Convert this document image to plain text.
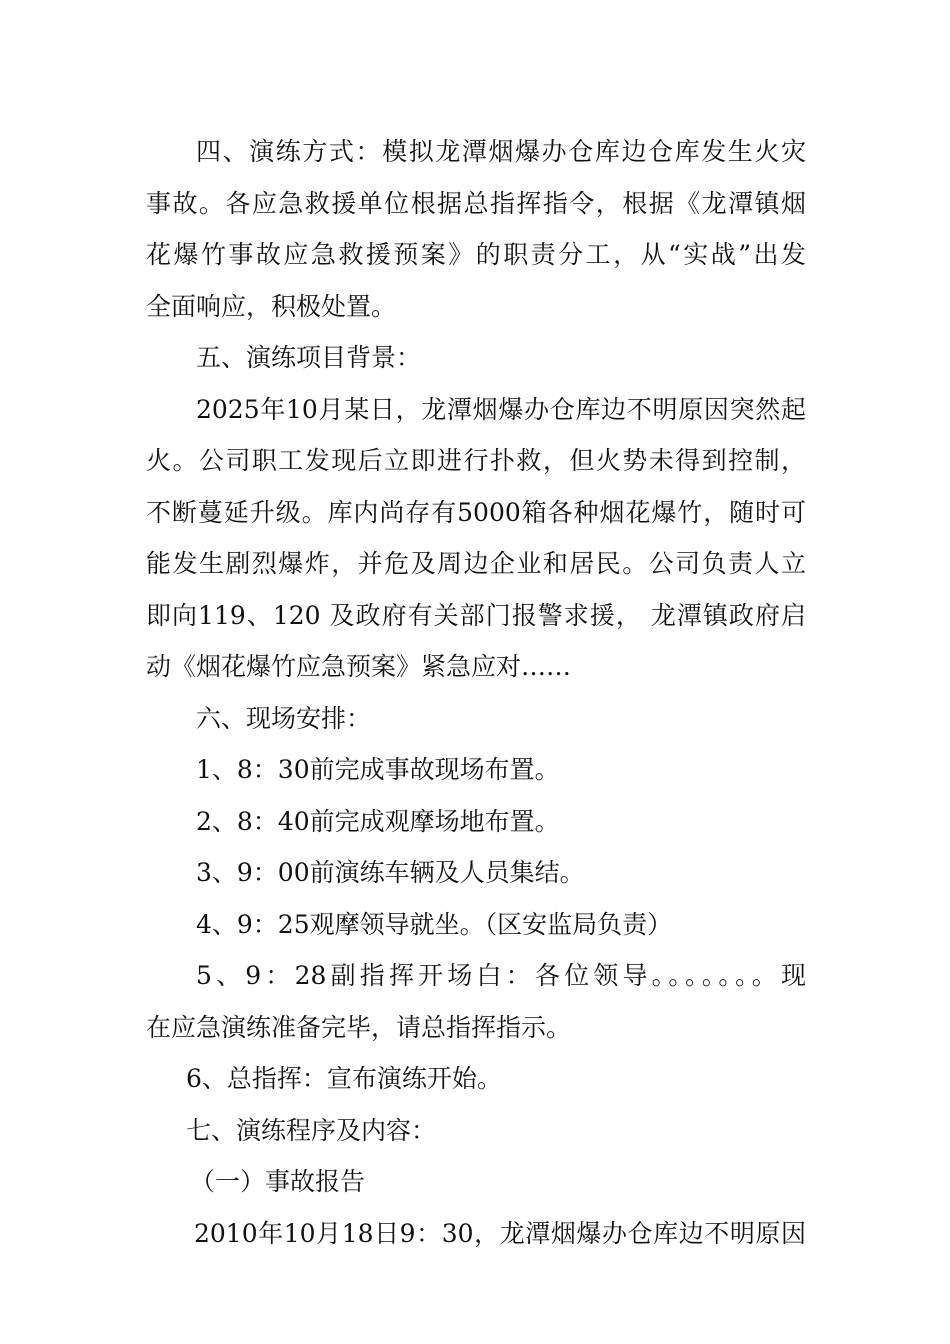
四、演练方式：模拟龙潭烟爆办仓库边仓库发生火灾
事故。各应急救援单位根据总指挥指令，根据《龙潭镇烟
花爆竹事故应急救援预案》的职责分工，从“实战”出发
全面响应，积极处置。
五、演练项目背景：
2025年10月某日，龙潭烟爆办仓库边不明原因突然起
火。公司职工发现后立即进行扑救，但火势未得到控制，
不断蔓延升级。库内尚存有5000箱各种烟花爆竹，随时可
能发生剧烈爆炸，并危及周边企业和居民。公司负责人立
即向119、120 及政府有关部门报警求援， 龙潭镇政府启
动《烟花爆竹应急预案》紧急应对……
六、现场安排：
1、8：30前完成事故现场布置。
2、8：40前完成观摩场地布置。
3、9：00前演练车辆及人员集结。
4、9：25观摩领导就坐。（区安监局负责）
5、9：28副指挥开场白：各位领导。。。。。。。现
在应急演练准备完毕，请总指挥指示。
6、总指挥：宣布演练开始。
七、演练程序及内容：
（一）事故报告
2010年10月18日9：30，龙潭烟爆办仓库边不明原因
